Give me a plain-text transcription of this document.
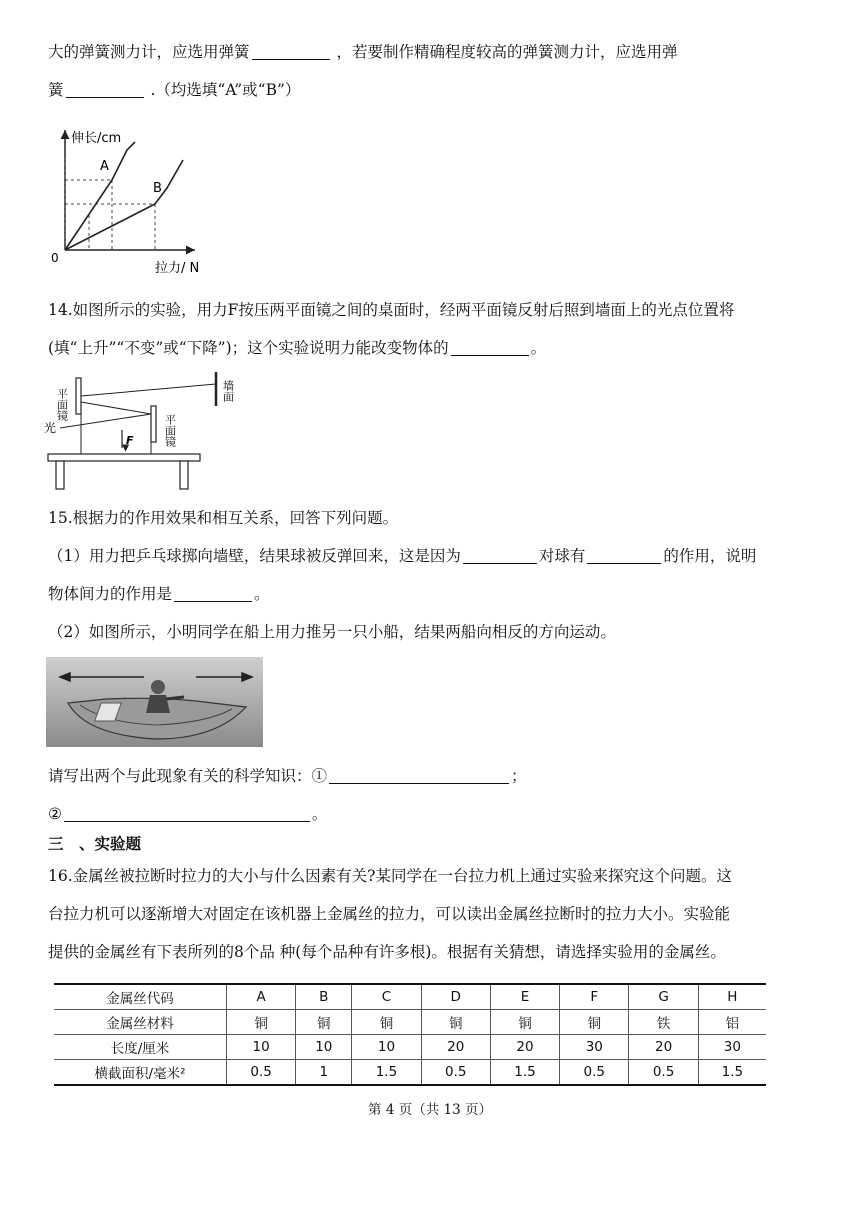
大的弹簧测力计，应选用弹簧	，若要制作精确程度较高的弹簧测力计，应选用弹
簧	.（均选填“A”或“B”）
伸长/cm
0
拉力/ N
A
B
14.如图所示的实验，用力F按压两平面镜之间的桌面时，经两平面镜反射后照到墙面上的光点位置将
(填“上升”“不变”或“下降”)；这个实验说明力能改变物体的	。
平面镜
平面镜
墙面
光
F
15.根据力的作用效果和相互关系，回答下列问题。
（1）用力把乒乓球掷向墙壁，结果球被反弹回来，这是因为	对球有	的作用，说明
物体间力的作用是	。
（2）如图所示，小明同学在船上用力推另一只小船，结果两船向相反的方向运动。
请写出两个与此现象有关的科学知识：①	；
②	。
三　、实验题
16.金属丝被拉断时拉力的大小与什么因素有关?某同学在一台拉力机上通过实验来探究这个问题。这
台拉力机可以逐渐增大对固定在该机器上金属丝的拉力，可以读出金属丝拉断时的拉力大小。实验能
提供的金属丝有下表所列的8个品 种(每个品种有许多根)。根据有关猜想，请选择实验用的金属丝。
金属丝代码	A	B	C	D	E	F	G	H
金属丝材料	铜	铜	铜	铜	铜	铜	铁	铝
长度/厘米	10	10	10	20	20	30	20	30
横截面积/毫米²	0.5	1	1.5	0.5	1.5	0.5	0.5	1.5
第 4 页（共 13 页）
